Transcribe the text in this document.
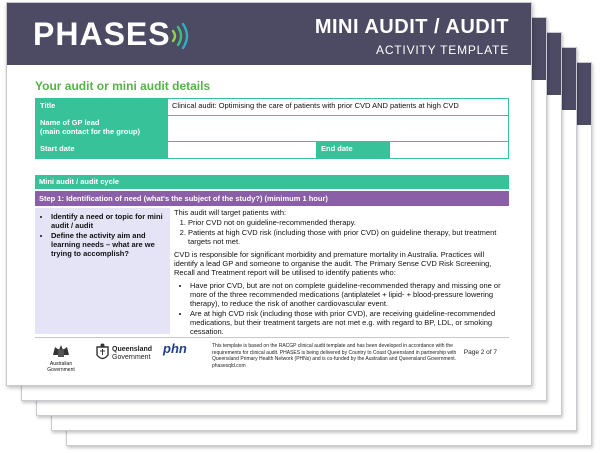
PHASES	MINI AUDIT / AUDIT
ACTIVITY TEMPLATE
Your audit or mini audit details
Title	Clinical audit: Optimising the care of patients with prior CVD AND patients at high CVD		
Name of GP lead
(main contact for the group)			
Start date		End date	
Mini audit / audit cycle
Step 1: Identification of need (what's the subject of the study?) (minimum 1 hour)
• Identify a need or topic for mini audit / audit
• Define the activity aim and learning needs – what are we trying to accomplish?

This audit will target patients with:

1. Prior CVD not on guideline-recommended therapy.
2. Patients at high CVD risk (including those with prior CVD) on guideline therapy, but treatment targets not met.

CVD is responsible for significant morbidity and premature mortality in Australia. Practices will identify a lead GP and someone to organise the audit. The Primary Sense CVD Risk Screening, Recall and Treatment report will be utilised to identify patients who:

• Have prior CVD, but are not on complete guideline-recommended therapy and missing one or more of the three recommended medications (antiplatelet + lipid- + blood-pressure lowering therapy), to reduce the risk of another cardiovascular event.
• Are at high CVD risk (including those with prior CVD), are receiving guideline-recommended medications, but their treatment targets are not met e.g. with regard to BP, LDL, or smoking cessation.
Australian Government
Queensland
Government
phn	This template is based on the RACGP clinical audit template and has been developed in accordance with the requirements for clinical audit. PHASES is being delivered by Country to Coast Queensland in partnership with Queensland Primary Health Network (PHNs) and is co-funded by the Australian and Queensland Government. phasesqld.com
Page 2 of 7
